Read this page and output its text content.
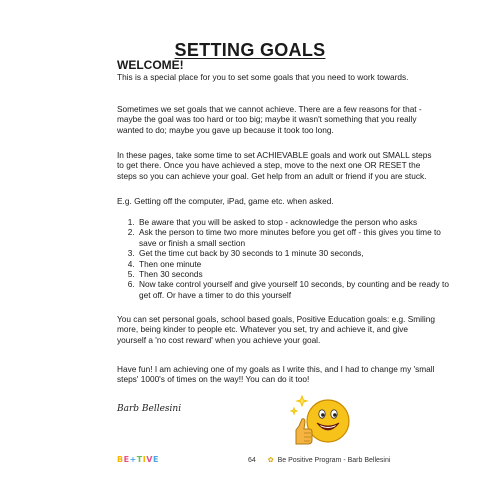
SETTING GOALS
WELCOME!
This is a special place for you to set some goals that you need to work towards.
Sometimes we set goals that we cannot achieve. There are a few reasons for that - maybe the goal was too hard or too big; maybe it wasn't something that you really wanted to do; maybe you gave up because it took too long.
In these pages, take some time to set ACHIEVABLE goals and work out SMALL steps to get there. Once you have achieved a step, move to the next one OR RESET the steps so you can achieve your goal. Get help from an adult or friend if you are stuck.
E.g. Getting off the computer, iPad, game etc. when asked.
1. Be aware that you will be asked to stop - acknowledge the person who asks
2. Ask the person to time two more minutes before you get off - this gives you time to save or finish a small section
3. Get the time cut back by 30 seconds to 1 minute 30 seconds,
4. Then one minute
5. Then 30 seconds
6. Now take control yourself and give yourself 10 seconds, by counting and be ready to get off. Or have a timer to do this yourself
You can set personal goals, school based goals, Positive Education goals: e.g. Smiling more, being kinder to people etc. Whatever you set, try and achieve it, and give yourself a 'no cost reward' when you achieve your goal.
Have fun! I am achieving one of my goals as I write this, and I had to change my 'small steps' 1000's of times on the way!! You can do it too!
Barb Bellesini
BE+TIVE	64 ✿ Be Positive Program - Barb Bellesini
